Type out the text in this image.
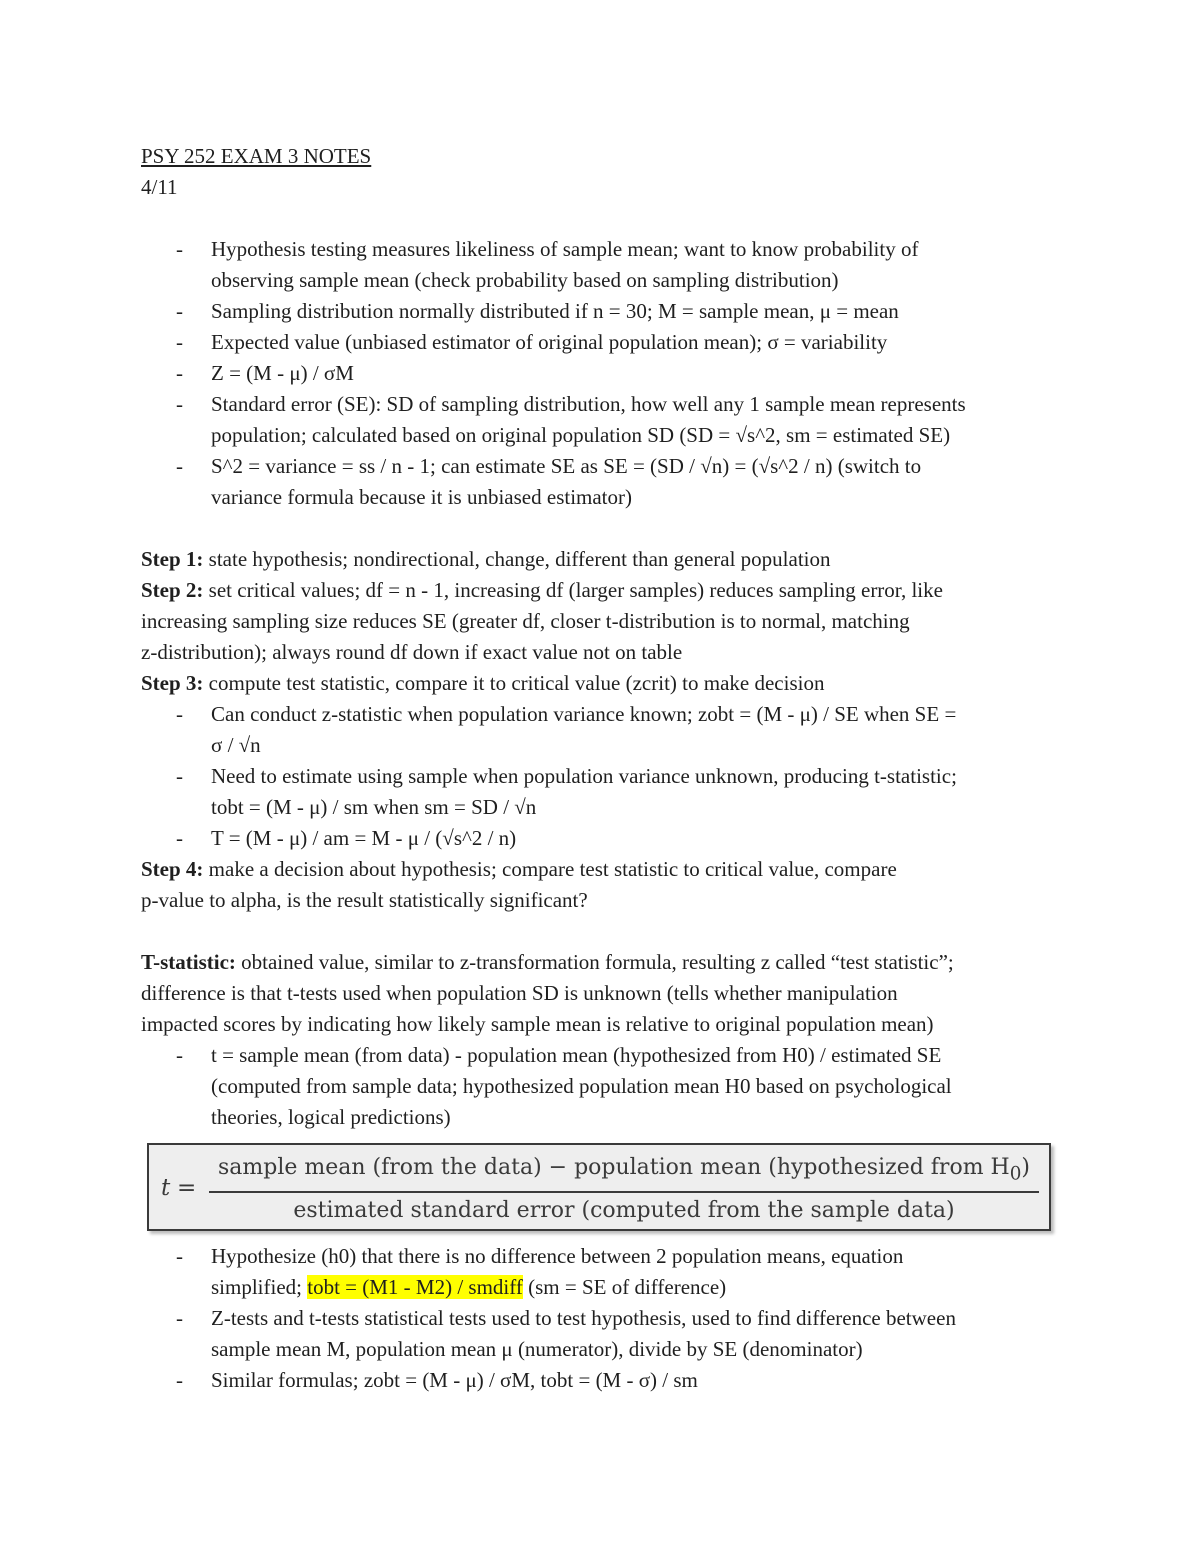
PSY 252 EXAM 3 NOTES
4/11
- Hypothesis testing measures likeliness of sample mean; want to know probability of
observing sample mean (check probability based on sampling distribution)
- Sampling distribution normally distributed if n = 30; M = sample mean, μ = mean
- Expected value (unbiased estimator of original population mean); σ = variability
- Z = (M - μ) / σM
- Standard error (SE): SD of sampling distribution, how well any 1 sample mean represents
population; calculated based on original population SD (SD = √s^2, sm = estimated SE)
- S^2 = variance = ss / n - 1; can estimate SE as SE = (SD / √n) = (√s^2 / n) (switch to
variance formula because it is unbiased estimator)
Step 1: state hypothesis; nondirectional, change, different than general population
Step 2: set critical values; df = n - 1, increasing df (larger samples) reduces sampling error, like
increasing sampling size reduces SE (greater df, closer t-distribution is to normal, matching
z-distribution); always round df down if exact value not on table
Step 3: compute test statistic, compare it to critical value (zcrit) to make decision
- Can conduct z-statistic when population variance known; zobt = (M - μ) / SE when SE =
σ / √n
- Need to estimate using sample when population variance unknown, producing t-statistic;
tobt = (M - μ) / sm when sm = SD / √n
- T = (M - μ) / am = M - μ / (√s^2 / n)
Step 4: make a decision about hypothesis; compare test statistic to critical value, compare
p-value to alpha, is the result statistically significant?
T-statistic: obtained value, similar to z-transformation formula, resulting z called “test statistic”;
difference is that t-tests used when population SD is unknown (tells whether manipulation
impacted scores by indicating how likely sample mean is relative to original population mean)
- t = sample mean (from data) - population mean (hypothesized from H0) / estimated SE
(computed from sample data; hypothesized population mean H0 based on psychological
theories, logical predictions)
t =
sample mean (from the data) − population mean (hypothesized from $H_0$)
estimated standard error (computed from the sample data)
- Hypothesize (h0) that there is no difference between 2 population means, equation
simplified; tobt = (M1 - M2) / smdiff (sm = SE of difference)
- Z-tests and t-tests statistical tests used to test hypothesis, used to find difference between
sample mean M, population mean μ (numerator), divide by SE (denominator)
- Similar formulas; zobt = (M - μ) / σM, tobt = (M - σ) / sm
